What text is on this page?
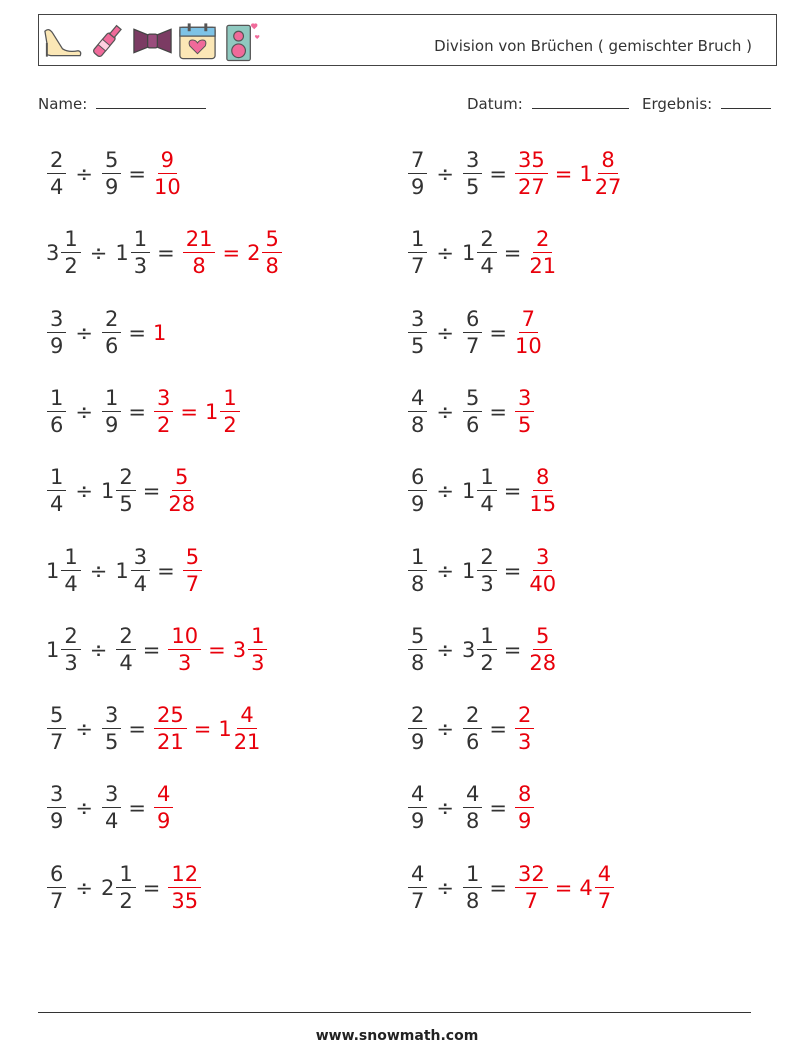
Division von Brüchen ( gemischter Bruch )
Name:	Datum:	Ergebnis:
$\frac{2}{4} \div \frac{5}{9} = \frac{9}{10}$	$\frac{7}{9} \div \frac{3}{5} = \frac{35}{27} = 1 \frac{8}{27}$
$3 \frac{1}{2} \div 1 \frac{1}{3} = \frac{21}{8} = 2 \frac{5}{8}$	$\frac{1}{7} \div 1 \frac{2}{4} = \frac{2}{21}$
$\frac{3}{9} \div \frac{2}{6} = 1$	$\frac{3}{5} \div \frac{6}{7} = \frac{7}{10}$
$\frac{1}{6} \div \frac{1}{9} = \frac{3}{2} = 1 \frac{1}{2}$	$\frac{4}{8} \div \frac{5}{6} = \frac{3}{5}$
$\frac{1}{4} \div 1 \frac{2}{5} = \frac{5}{28}$	$\frac{6}{9} \div 1 \frac{1}{4} = \frac{8}{15}$
$1 \frac{1}{4} \div 1 \frac{3}{4} = \frac{5}{7}$	$\frac{1}{8} \div 1 \frac{2}{3} = \frac{3}{40}$
$1 \frac{2}{3} \div \frac{2}{4} = \frac{10}{3} = 3 \frac{1}{3}$	$\frac{5}{8} \div 3 \frac{1}{2} = \frac{5}{28}$
$\frac{5}{7} \div \frac{3}{5} = \frac{25}{21} = 1 \frac{4}{21}$	$\frac{2}{9} \div \frac{2}{6} = \frac{2}{3}$
$\frac{3}{9} \div \frac{3}{4} = \frac{4}{9}$	$\frac{4}{9} \div \frac{4}{8} = \frac{8}{9}$
$\frac{6}{7} \div 2 \frac{1}{2} = \frac{12}{35}$	$\frac{4}{7} \div \frac{1}{8} = \frac{32}{7} = 4 \frac{4}{7}$
www.snowmath.com
